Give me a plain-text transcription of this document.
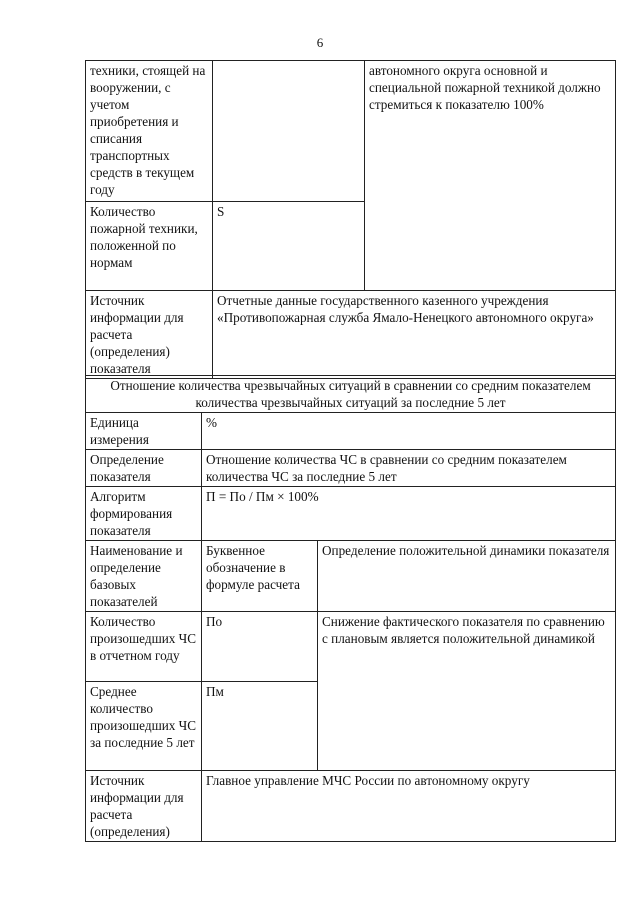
6
техники, стоящей на вооружении, с учетом приобретения и списания транспортных средств в текущем году		автономного округа основной и специальной пожарной техникой должно стремиться к показателю 100%

Количество пожарной техники, положенной по нормам	S	

Источник информации для расчета (определения) показателя	Отчетные данные государственного казенного учреждения «Противопожарная служба Ямало-Ненецкого автономного округа»	
Отношение количества чрезвычайных ситуаций в сравнении со средним показателем количества чрезвычайных ситуаций за последние 5 лет		
Единица измерения	%	
Определение показателя	Отношение количества ЧС в сравнении со средним показателем количества ЧС за последние 5 лет	
Алгоритм формирования показателя	П = По / Пм × 100%	
Наименование и определение базовых показателей	Буквенное обозначение в формуле расчета	Определение положительной динамики показателя
Количество произошедших ЧС в отчетном году	По	Снижение фактического показателя по сравнению с плановым является положительной динамикой
Среднее количество произошедших ЧС за последние 5 лет	Пм	
Источник информации для расчета (определения)	Главное управление МЧС России по автономному округу	
